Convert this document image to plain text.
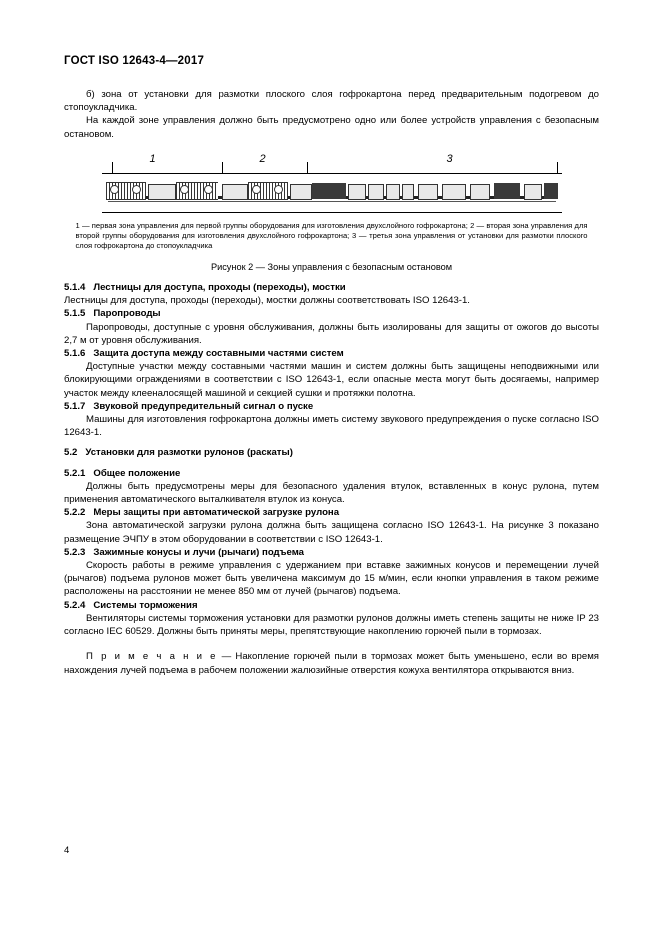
ГОСТ ISO 12643-4—2017

б) зона от установки для размотки плоского слоя гофрокартона перед предварительным подогревом до стопоукладчика.

На каждой зоне управления должно быть предусмотрено одно или более устройств управления с безопасным остановом.

1	2	3
1 — первая зона управления для первой группы оборудования для изготовления двухслойного гофрокартона; 2 — вторая зона управления для второй группы оборудования для изготовления двухслойного гофрокартона; 3 — третья зона управления от установки для размотки плоского слоя гофрокартона до стопоукладчика
Рисунок 2 — Зоны управления с безопасным остановом

5.1.4 Лестницы для доступа, проходы (переходы), мостки

Лестницы для доступа, проходы (переходы), мостки должны соответствовать ISO 12643-1.

5.1.5 Паропроводы

Паропроводы, доступные с уровня обслуживания, должны быть изолированы для защиты от ожогов до высоты 2,7 м от уровня обслуживания.

5.1.6 Защита доступа между составными частями систем

Доступные участки между составными частями машин и систем должны быть защищены неподвижными или блокирующими ограждениями в соответствии с ISO 12643-1, если опасные места могут быть досягаемы, например участок между клееналосящей машиной и секцией сушки и протяжки полотна.

5.1.7 Звуковой предупредительный сигнал о пуске

Машины для изготовления гофрокартона должны иметь систему звукового предупреждения о пуске согласно ISO 12643-1.

5.2 Установки для размотки рулонов (раскаты)

5.2.1 Общее положение

Должны быть предусмотрены меры для безопасного удаления втулок, вставленных в конус рулона, путем применения автоматического выталкивателя втулок из конуса.

5.2.2 Меры защиты при автоматической загрузке рулона

Зона автоматической загрузки рулона должна быть защищена согласно ISO 12643-1. На рисунке 3 показано размещение ЭЧПУ в этом оборудовании в соответствии с ISO 12643-1.

5.2.3 Зажимные конусы и лучи (рычаги) подъема

Скорость работы в режиме управления с удержанием при вставке зажимных конусов и перемещении лучей (рычагов) подъема рулонов может быть увеличена максимум до 15 м/мин, если кнопки управления в таком режиме расположены на расстоянии не менее 850 мм от лучей (рычагов) подъема.

5.2.4 Системы торможения

Вентиляторы системы торможения установки для размотки рулонов должны иметь степень защиты не ниже IP 23 согласно IEC 60529. Должны быть приняты меры, препятствующие накоплению горючей пыли в тормозах.

П р и м е ч а н и е — Накопление горючей пыли в тормозах может быть уменьшено, если во время нахождения лучей подъема в рабочем положении жалюзийные отверстия кожуха вентилятора открываются вниз.

4
